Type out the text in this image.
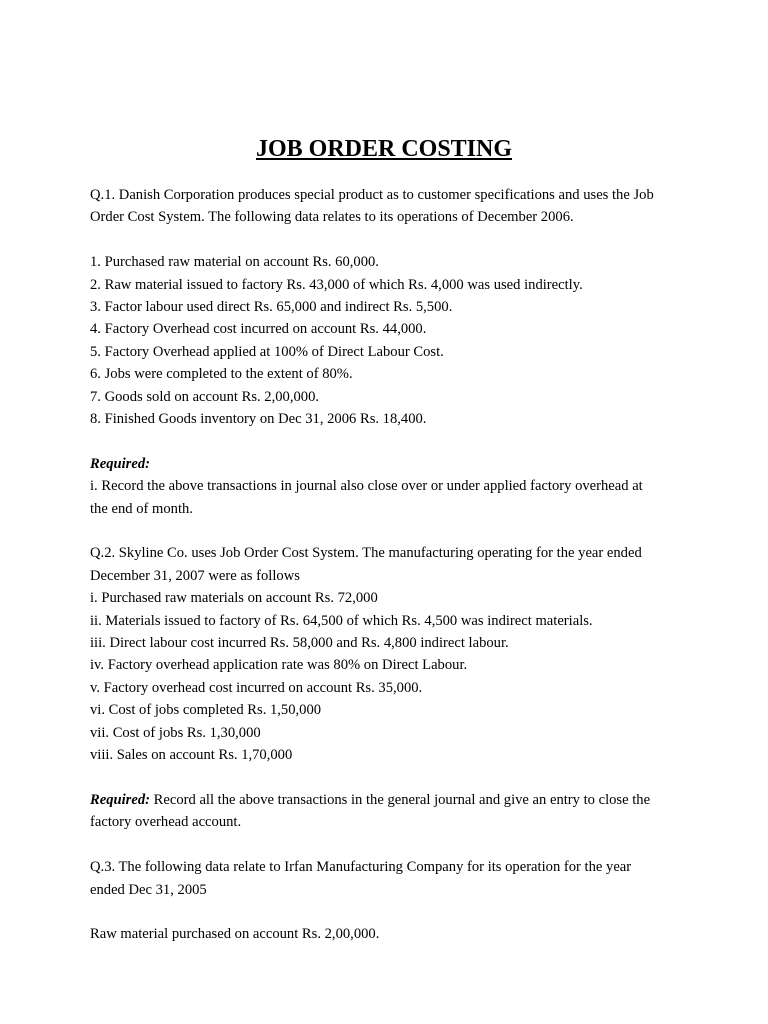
JOB ORDER COSTING

Q.1. Danish Corporation produces special product as to customer specifications and uses the Job

Order Cost System. The following data relates to its operations of December 2006.

1. Purchased raw material on account Rs. 60,000.

2. Raw material issued to factory Rs. 43,000 of which Rs. 4,000 was used indirectly.

3. Factor labour used direct Rs. 65,000 and indirect Rs. 5,500.

4. Factory Overhead cost incurred on account Rs. 44,000.

5. Factory Overhead applied at 100% of Direct Labour Cost.

6. Jobs were completed to the extent of 80%.

7. Goods sold on account Rs. 2,00,000.

8. Finished Goods inventory on Dec 31, 2006 Rs. 18,400.

Required:

i. Record the above transactions in journal also close over or under applied factory overhead at

the end of month.

Q.2. Skyline Co. uses Job Order Cost System. The manufacturing operating for the year ended

December 31, 2007 were as follows

i. Purchased raw materials on account Rs. 72,000

ii. Materials issued to factory of Rs. 64,500 of which Rs. 4,500 was indirect materials.

iii. Direct labour cost incurred Rs. 58,000 and Rs. 4,800 indirect labour.

iv. Factory overhead application rate was 80% on Direct Labour.

v. Factory overhead cost incurred on account Rs. 35,000.

vi. Cost of jobs completed Rs. 1,50,000

vii. Cost of jobs Rs. 1,30,000

viii. Sales on account Rs. 1,70,000

Required: Record all the above transactions in the general journal and give an entry to close the

factory overhead account.

Q.3. The following data relate to Irfan Manufacturing Company for its operation for the year

ended Dec 31, 2005

Raw material purchased on account Rs. 2,00,000.
